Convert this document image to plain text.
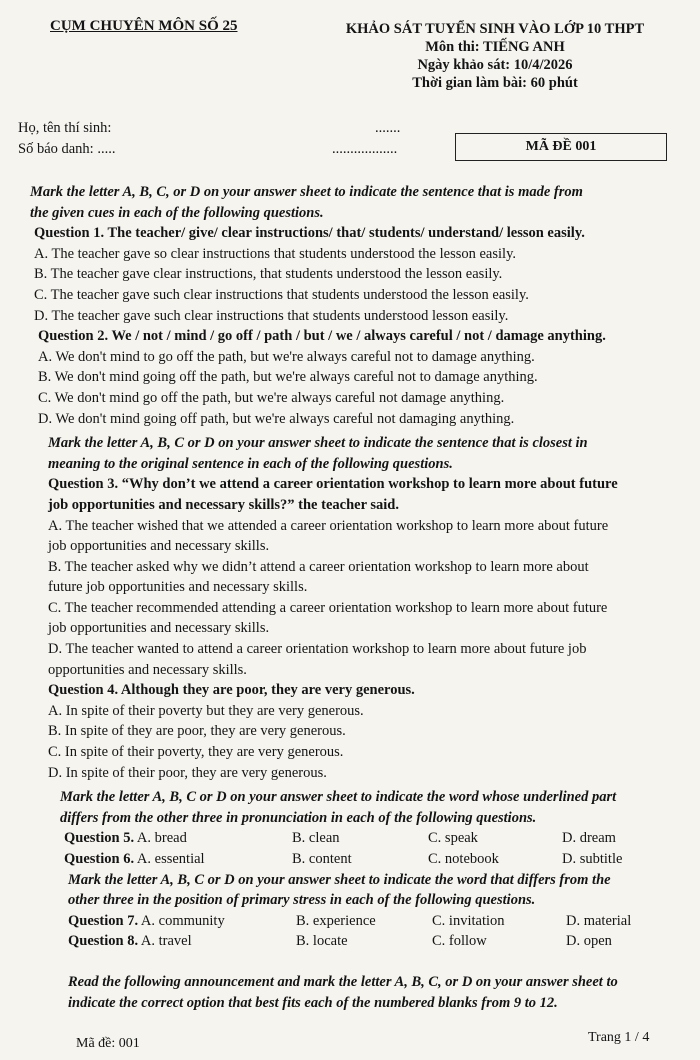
CỤM CHUYÊN MÔN SỐ 25	KHẢO SÁT TUYỂN SINH VÀO LỚP 10 THPT
Môn thi: TIẾNG ANH
Ngày khảo sát: 10/4/2026
Thời gian làm bài: 60 phút
Họ, tên thí sinh:	.......
Số báo danh: .....	..................	MÃ ĐỀ 001
Mark the letter A, B, C, or D on your answer sheet to indicate the sentence that is made from
the given cues in each of the following questions.
Question 1. The teacher/ give/ clear instructions/ that/ students/ understand/ lesson easily.
A. The teacher gave so clear instructions that students understood the lesson easily.
B. The teacher gave clear instructions, that students understood the lesson easily.
C. The teacher gave such clear instructions that students understood the lesson easily.
D. The teacher gave such clear instructions that students understood lesson easily.
Question 2. We / not / mind / go off / path / but / we / always careful / not / damage anything.
A. We don't mind to go off the path, but we're always careful not to damage anything.
B. We don't mind going off the path, but we're always careful not to damage anything.
C. We don't mind go off the path, but we're always careful not damage anything.
D. We don't mind going off path, but we're always careful not damaging anything.
Mark the letter A, B, C or D on your answer sheet to indicate the sentence that is closest in
meaning to the original sentence in each of the following questions.
Question 3. “Why don’t we attend a career orientation workshop to learn more about future
job opportunities and necessary skills?” the teacher said.
A. The teacher wished that we attended a career orientation workshop to learn more about future
job opportunities and necessary skills.
B. The teacher asked why we didn’t attend a career orientation workshop to learn more about
future job opportunities and necessary skills.
C. The teacher recommended attending a career orientation workshop to learn more about future
job opportunities and necessary skills.
D. The teacher wanted to attend a career orientation workshop to learn more about future job
opportunities and necessary skills.
Question 4. Although they are poor, they are very generous.
A. In spite of their poverty but they are very generous.
B. In spite of they are poor, they are very generous.
C. In spite of their poverty, they are very generous.
D. In spite of their poor, they are very generous.
Mark the letter A, B, C or D on your answer sheet to indicate the word whose underlined part
differs from the other three in pronunciation in each of the following questions.
Question 5. A. bread	B. clean	C. speak	D. dream
Question 6. A. essential	B. content	C. notebook	D. subtitle
Mark the letter A, B, C or D on your answer sheet to indicate the word that differs from the
other three in the position of primary stress in each of the following questions.
Question 7. A. community	B. experience	C. invitation	D. material
Question 8. A. travel	B. locate	C. follow	D. open
Read the following announcement and mark the letter A, B, C, or D on your answer sheet to
indicate the correct option that best fits each of the numbered blanks from 9 to 12.
Mã đề: 001	Trang 1 / 4
